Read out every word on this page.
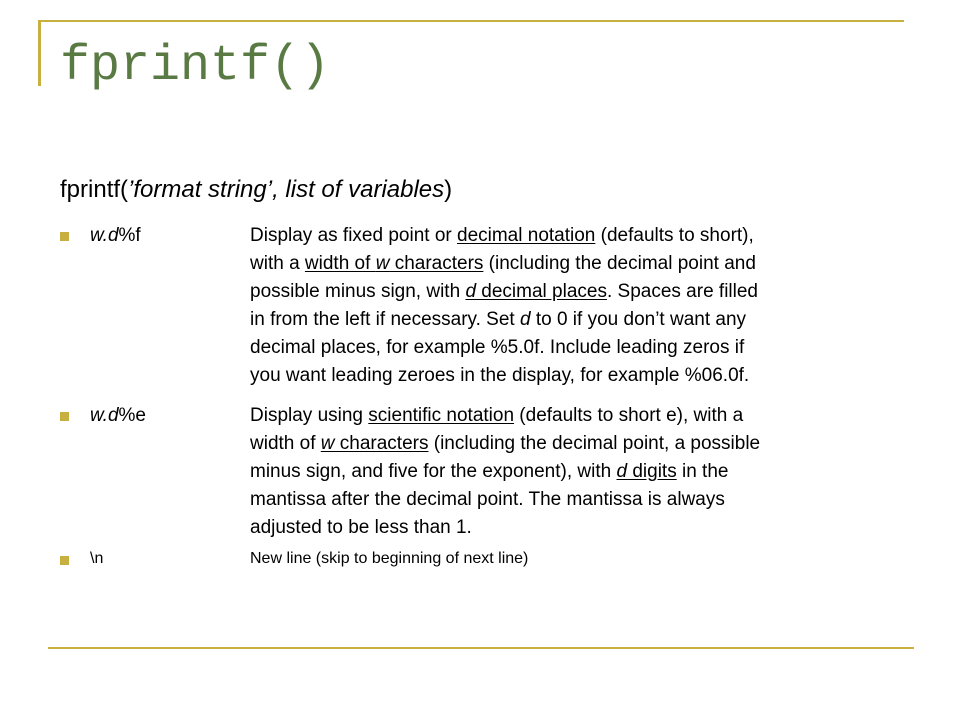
fprintf()
fprintf(’format string’, list of variables)
w.d%f	Display as fixed point or decimal notation (defaults to short),
with a width of w characters (including the decimal point and
possible minus sign, with d decimal places. Spaces are filled
in from the left if necessary. Set d to 0 if you don’t want any
decimal places, for example %5.0f. Include leading zeros if
you want leading zeroes in the display, for example %06.0f.
w.d%e	Display using scientific notation (defaults to short e), with a
width of w characters (including the decimal point, a possible
minus sign, and five for the exponent), with d digits in the
mantissa after the decimal point. The mantissa is always
adjusted to be less than 1.
\n	New line (skip to beginning of next line)
